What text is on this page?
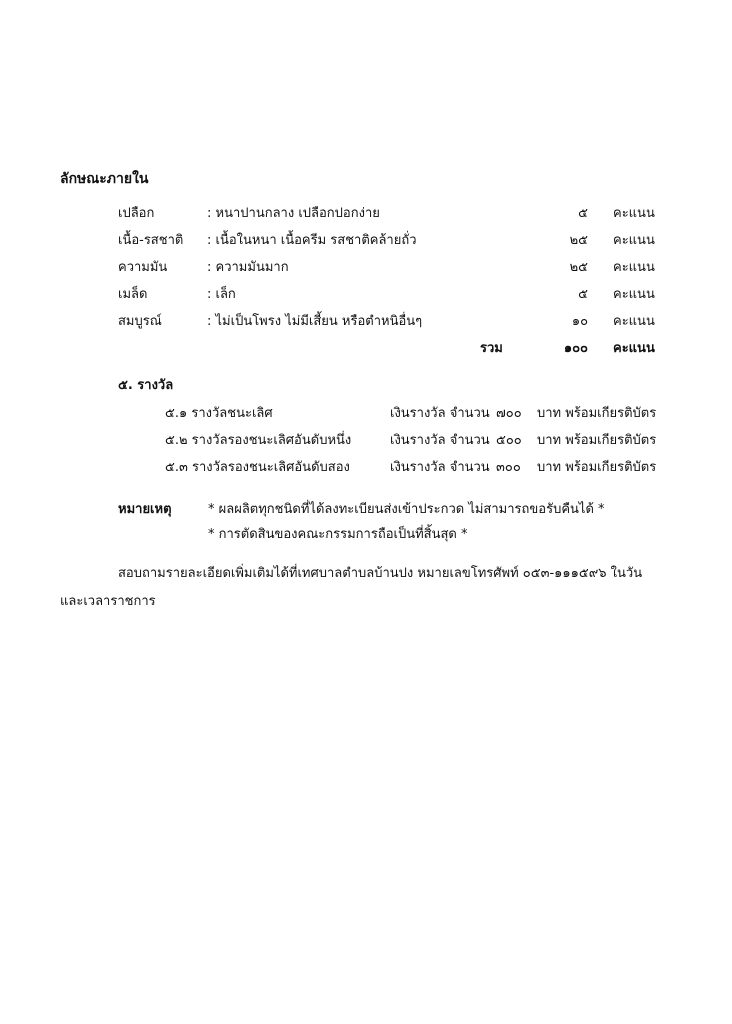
ลักษณะภายใน
เปลือก	: หนาปานกลาง เปลือกปอกง่าย	๕ คะแนน
เนื้อ-รสชาติ : เนื้อในหนา เนื้อครีม รสชาติคล้ายถั่ว	๒๕ คะแนน
ความมัน	: ความมันมาก	๒๕ คะแนน
เมล็ด	: เล็ก	๕ คะแนน
สมบูรณ์	: ไม่เป็นโพรง ไม่มีเสี้ยน หรือตำหนิอื่นๆ	๑๐ คะแนน
รวม	๑๐๐ คะแนน
๕. รางวัล
๕.๑ รางวัลชนะเลิศ	เงินรางวัล จำนวน ๗๐๐ บาท พร้อมเกียรติบัตร
๕.๒ รางวัลรองชนะเลิศอันดับหนึ่ง	เงินรางวัล จำนวน ๕๐๐ บาท พร้อมเกียรติบัตร
๕.๓ รางวัลรองชนะเลิศอันดับสอง	เงินรางวัล จำนวน ๓๐๐ บาท พร้อมเกียรติบัตร
หมายเหตุ	* ผลผลิตทุกชนิดที่ได้ลงทะเบียนส่งเข้าประกวด ไม่สามารถขอรับคืนได้ *
* การตัดสินของคณะกรรมการถือเป็นที่สิ้นสุด *
สอบถามรายละเอียดเพิ่มเติมได้ที่เทศบาลตำบลบ้านปง หมายเลขโทรศัพท์ ๐๕๓-๑๑๑๕๙๖ ในวัน
และเวลาราชการ
